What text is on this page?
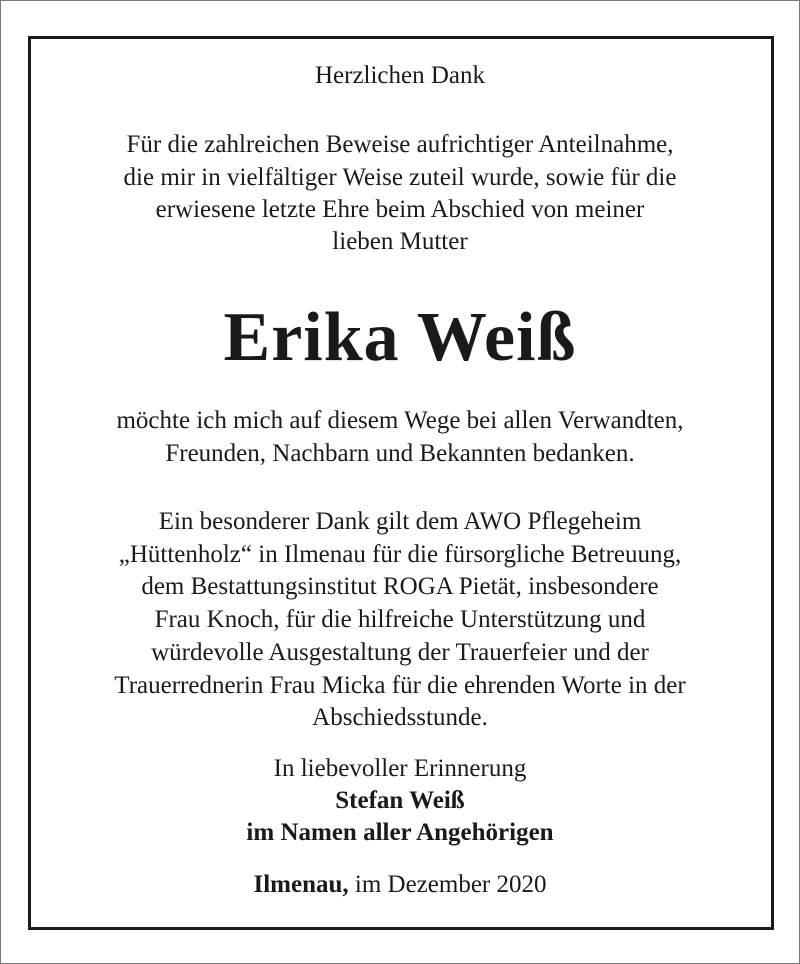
Herzlichen Dank
Für die zahlreichen Beweise aufrichtiger Anteilnahme,
die mir in vielfältiger Weise zuteil wurde, sowie für die
erwiesene letzte Ehre beim Abschied von meiner
lieben Mutter
Erika Weiß
möchte ich mich auf diesem Wege bei allen Verwandten,
Freunden, Nachbarn und Bekannten bedanken.
Ein besonderer Dank gilt dem AWO Pflegeheim
„Hüttenholz“ in Ilmenau für die fürsorgliche Betreuung,
dem Bestattungsinstitut ROGA Pietät, insbesondere
Frau Knoch, für die hilfreiche Unterstützung und
würdevolle Ausgestaltung der Trauerfeier und der
Trauerrednerin Frau Micka für die ehrenden Worte in der
Abschiedsstunde.
In liebevoller Erinnerung
Stefan Weiß
im Namen aller Angehörigen
Ilmenau, im Dezember 2020
